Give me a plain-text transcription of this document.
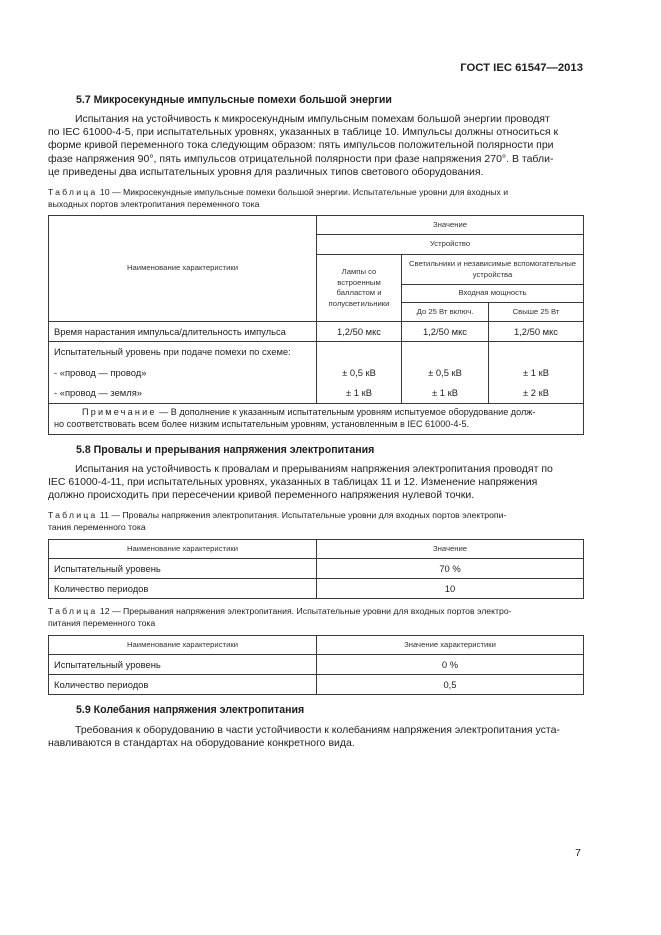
ГОСТ IEC 61547—2013
5.7 Микросекундные импульсные помехи большой энергии
Испытания на устойчивость к микросекундным импульсным помехам большой энергии проводят
по IEC 61000-4-5, при испытательных уровнях, указанных в таблице 10. Импульсы должны относиться к
форме кривой переменного тока следующим образом: пять импульсов положительной полярности при
фазе напряжения 90°, пять импульсов отрицательной полярности при фазе напряжения 270°. В табли-
це приведены два испытательных уровня для различных типов светового оборудования.
Таблица 10 — Микросекундные импульсные помехи большой энергии. Испытательные уровни для входных и
выходных портов электропитания переменного тока
Наименование характеристики	Значение		
	Устройство		
	Лампы со встроенным балластом и полусветильники	Светильники и независимые вспомогательные устройства	
		Входная мощность	
		До 25 Вт включ.	Свыше 25 Вт
Время нарастания импульса/длительность импульса	1,2/50 мкс	1,2/50 мкс	1,2/50 мкс
Испытательный уровень при подаче помехи по схеме:			
- «провод — провод»	± 0,5 кВ	± 0,5 кВ	± 1 кВ
- «провод — земля»	± 1 кВ	± 1 кВ	± 2 кВ
Примечание — В дополнение к указанным испытательным уровням испытуемое оборудование долж-
но соответствовать всем более низким испытательным уровням, установленным в IEC 61000-4-5.			
5.8 Провалы и прерывания напряжения электропитания
Испытания на устойчивость к провалам и прерываниям напряжения электропитания проводят по
IEC 61000-4-11, при испытательных уровнях, указанных в таблицах 11 и 12. Изменение напряжения
должно происходить при пересечении кривой переменного напряжения нулевой точки.
Таблица 11 — Провалы напряжения электропитания. Испытательные уровни для входных портов электропи-
тания переменного тока
Наименование характеристики	Значение
Испытательный уровень	70 %
Количество периодов	10
Таблица 12 — Прерывания напряжения электропитания. Испытательные уровни для входных портов электро-
питания переменного тока
Наименование характеристики	Значение характеристики
Испытательный уровень	0 %
Количество периодов	0,5
5.9 Колебания напряжения электропитания
Требования к оборудованию в части устойчивости к колебаниям напряжения электропитания уста-
навливаются в стандартах на оборудование конкретного вида.
7
